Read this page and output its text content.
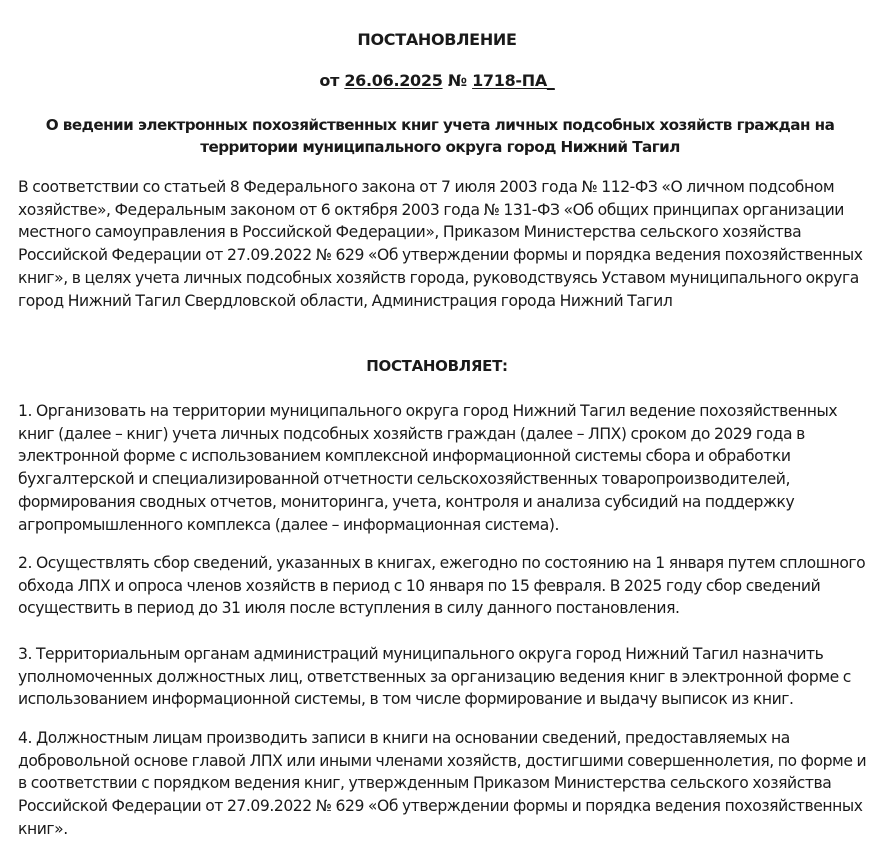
ПОСТАНОВЛЕНИЕ
от 26.06.2025 № 1718-ПА_
О ведении электронных похозяйственных книг учета личных подсобных хозяйств граждан на территории муниципального округа город Нижний Тагил

В соответствии со статьей 8 Федерального закона от 7 июля 2003 года № 112-ФЗ «О личном подсобном хозяйстве», Федеральным законом от 6 октября 2003 года № 131-ФЗ «Об общих принципах организации местного самоуправления в Российской Федерации», Приказом Министерства сельского хозяйства Российской Федерации от 27.09.2022 № 629 «Об утверждении формы и порядка ведения похозяйственных книг», в целях учета личных подсобных хозяйств города, руководствуясь Уставом муниципального округа город Нижний Тагил Свердловской области, Администрация города Нижний Тагил

ПОСТАНОВЛЯЕТ:

1. Организовать на территории муниципального округа город Нижний Тагил ведение похозяйственных книг (далее – книг) учета личных подсобных хозяйств граждан (далее – ЛПХ) сроком до 2029 года в электронной форме с использованием комплексной информационной системы сбора и обработки бухгалтерской и специализированной отчетности сельскохозяйственных товаропроизводителей, формирования сводных отчетов, мониторинга, учета, контроля и анализа субсидий на поддержку агропромышленного комплекса (далее – информационная система).

2. Осуществлять сбор сведений, указанных в книгах, ежегодно по состоянию на 1 января путем сплошного обхода ЛПХ и опроса членов хозяйств в период с 10 января по 15 февраля. В 2025 году сбор сведений осуществить в период до 31 июля после вступления в силу данного постановления.

3. Территориальным органам администраций муниципального округа город Нижний Тагил назначить уполномоченных должностных лиц, ответственных за организацию ведения книг в электронной форме с использованием информационной системы, в том числе формирование и выдачу выписок из книг.

4. Должностным лицам производить записи в книги на основании сведений, предоставляемых на добровольной основе главой ЛПХ или иными членами хозяйств, достигшими совершеннолетия, по форме и в соответствии с порядком ведения книг, утвержденным Приказом Министерства сельского хозяйства Российской Федерации от 27.09.2022 № 629 «Об утверждении формы и порядка ведения похозяйственных книг».
